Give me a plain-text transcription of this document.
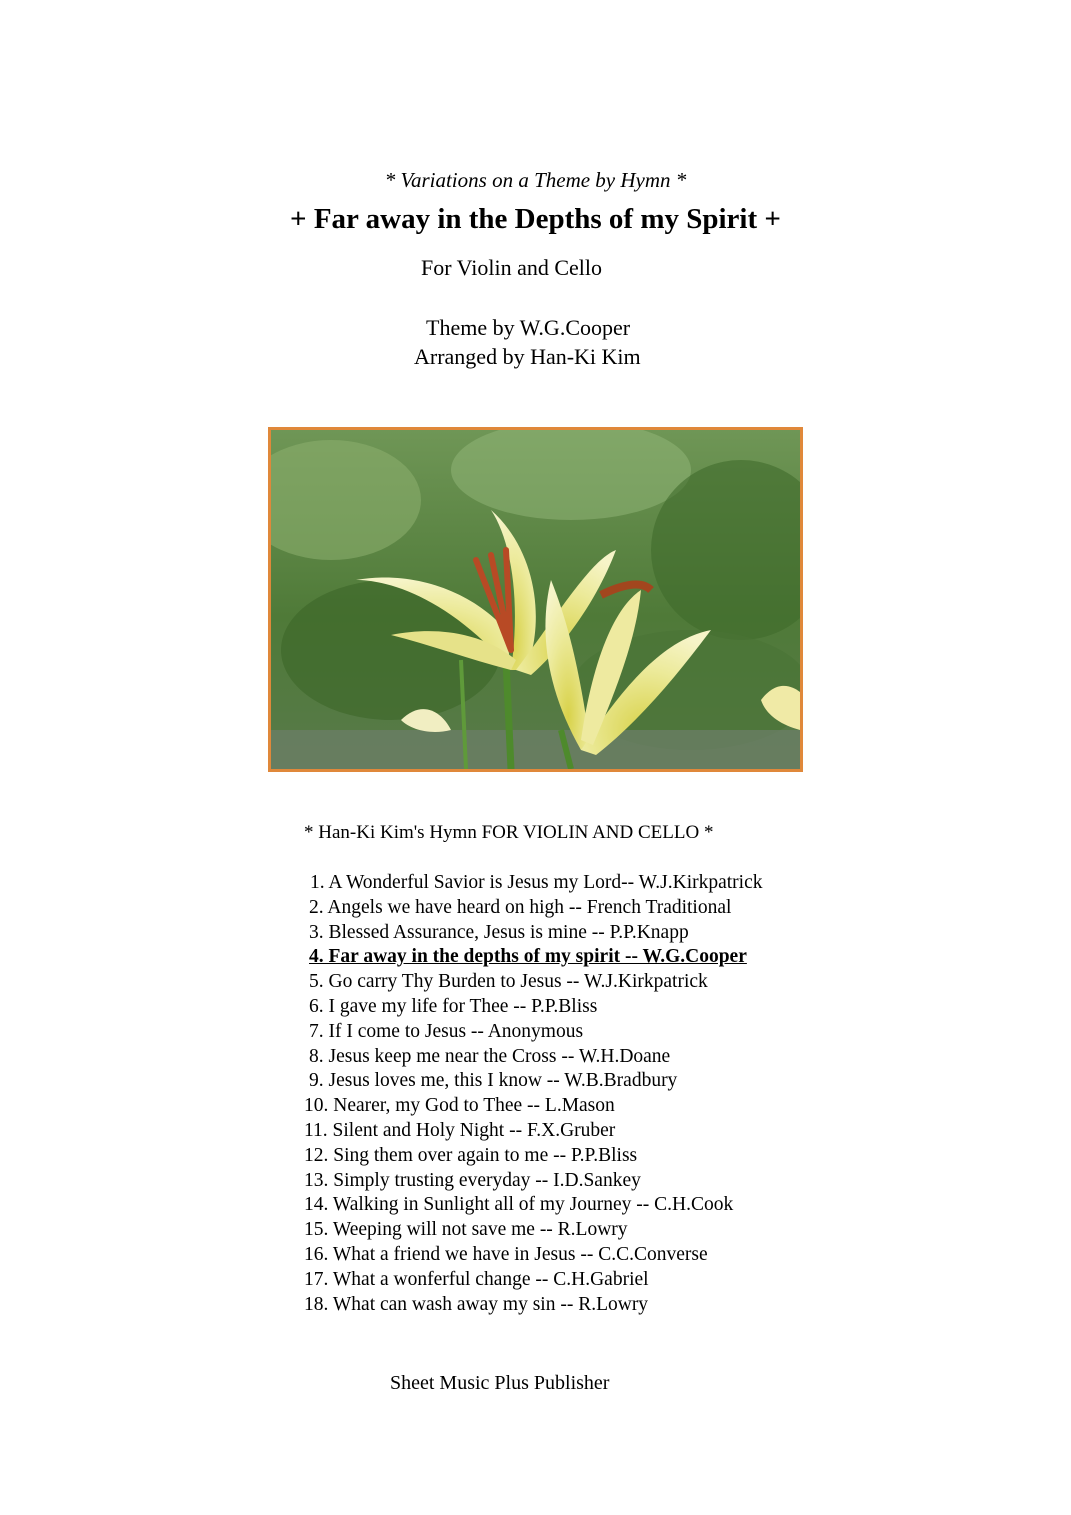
* Variations on a Theme by Hymn *
+ Far away in the Depths of my Spirit +
For Violin and Cello
Theme by W.G.Cooper
Arranged by Han-Ki Kim
* Han-Ki Kim's Hymn FOR VIOLIN AND CELLO *
1. A Wonderful Savior is Jesus my Lord-- W.J.Kirkpatrick
2. Angels we have heard on high -- French Traditional
3. Blessed Assurance, Jesus is mine -- P.P.Knapp
4. Far away in the depths of my spirit -- W.G.Cooper
5. Go carry Thy Burden to Jesus -- W.J.Kirkpatrick
6. I gave my life for Thee -- P.P.Bliss
7. If I come to Jesus -- Anonymous
8. Jesus keep me near the Cross -- W.H.Doane
9. Jesus loves me, this I know -- W.B.Bradbury
10. Nearer, my God to Thee -- L.Mason
11. Silent and Holy Night -- F.X.Gruber
12. Sing them over again to me -- P.P.Bliss
13. Simply trusting everyday -- I.D.Sankey
14. Walking in Sunlight all of my Journey -- C.H.Cook
15. Weeping will not save me -- R.Lowry
16. What a friend we have in Jesus -- C.C.Converse
17. What a wonferful change -- C.H.Gabriel
18. What can wash away my sin -- R.Lowry
Sheet Music Plus Publisher
